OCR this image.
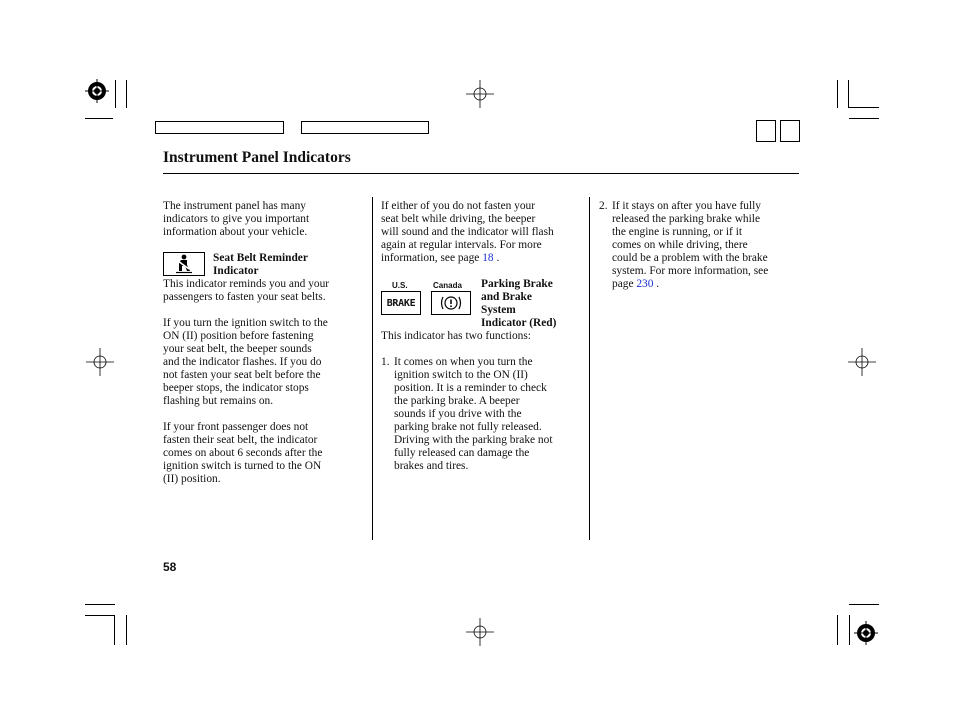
Instrument Panel Indicators

The instrument panel has many
indicators to give you important
information about your vehicle.

Seat Belt Reminder
Indicator

This indicator reminds you and your
passengers to fasten your seat belts.

If you turn the ignition switch to the
ON (II) position before fastening
your seat belt, the beeper sounds
and the indicator flashes. If you do
not fasten your seat belt before the
beeper stops, the indicator stops
flashing but remains on.

If your front passenger does not
fasten their seat belt, the indicator
comes on about 6 seconds after the
ignition switch is turned to the ON
(II) position.

If either of you do not fasten your
seat belt while driving, the beeper
will sound and the indicator will flash
again at regular intervals. For more
information, see page 18 .

U.S.	Canada
BRAKE
Parking Brake
and Brake
System
Indicator (Red)

This indicator has two functions:

1. It comes on when you turn the
ignition switch to the ON (II)
position. It is a reminder to check
the parking brake. A beeper
sounds if you drive with the
parking brake not fully released.
Driving with the parking brake not
fully released can damage the
brakes and tires.
2. If it stays on after you have fully
released the parking brake while
the engine is running, or if it
comes on while driving, there
could be a problem with the brake
system. For more information, see
page 230 .
58
